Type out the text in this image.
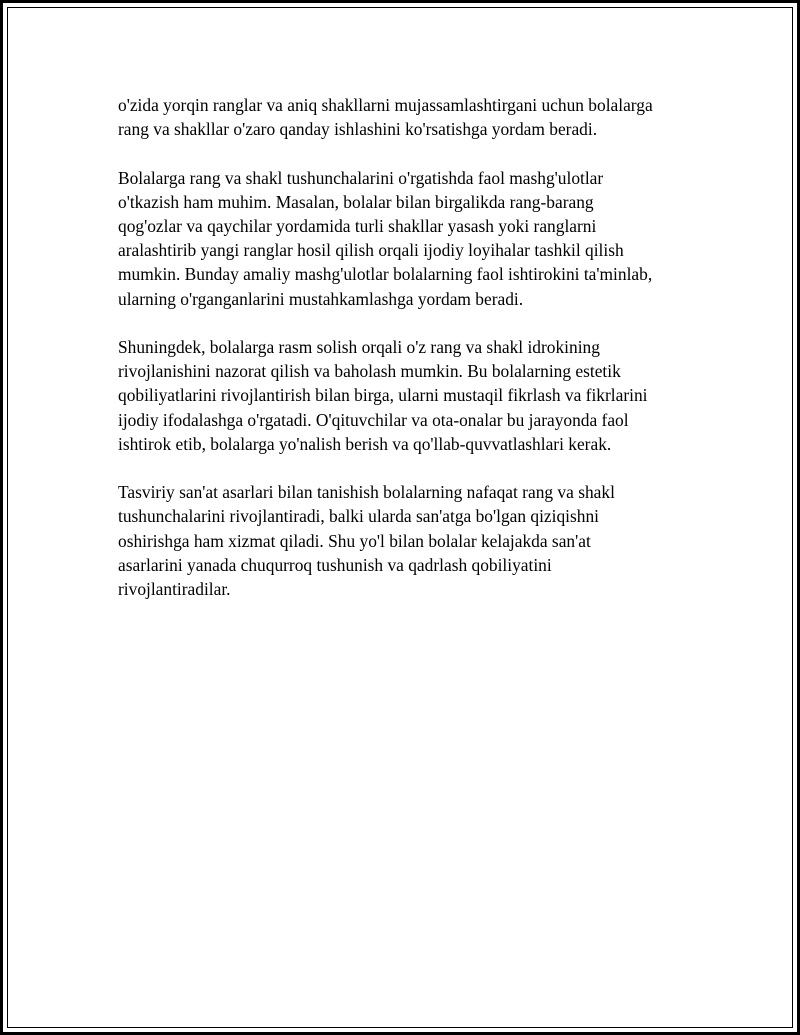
o'zida yorqin ranglar va aniq shakllarni mujassamlashtirgani uchun bolalarga
rang va shakllar o'zaro qanday ishlashini ko'rsatishga yordam beradi.

Bolalarga rang va shakl tushunchalarini o'rgatishda faol mashg'ulotlar
o'tkazish ham muhim. Masalan, bolalar bilan birgalikda rang-barang
qog'ozlar va qaychilar yordamida turli shakllar yasash yoki ranglarni
aralashtirib yangi ranglar hosil qilish orqali ijodiy loyihalar tashkil qilish
mumkin. Bunday amaliy mashg'ulotlar bolalarning faol ishtirokini ta'minlab,
ularning o'rganganlarini mustahkamlashga yordam beradi.

Shuningdek, bolalarga rasm solish orqali o'z rang va shakl idrokining
rivojlanishini nazorat qilish va baholash mumkin. Bu bolalarning estetik
qobiliyatlarini rivojlantirish bilan birga, ularni mustaqil fikrlash va fikrlarini
ijodiy ifodalashga o'rgatadi. O'qituvchilar va ota-onalar bu jarayonda faol
ishtirok etib, bolalarga yo'nalish berish va qo'llab-quvvatlashlari kerak.

Tasviriy san'at asarlari bilan tanishish bolalarning nafaqat rang va shakl
tushunchalarini rivojlantiradi, balki ularda san'atga bo'lgan qiziqishni
oshirishga ham xizmat qiladi. Shu yo'l bilan bolalar kelajakda san'at
asarlarini yanada chuqurroq tushunish va qadrlash qobiliyatini
rivojlantiradilar.
